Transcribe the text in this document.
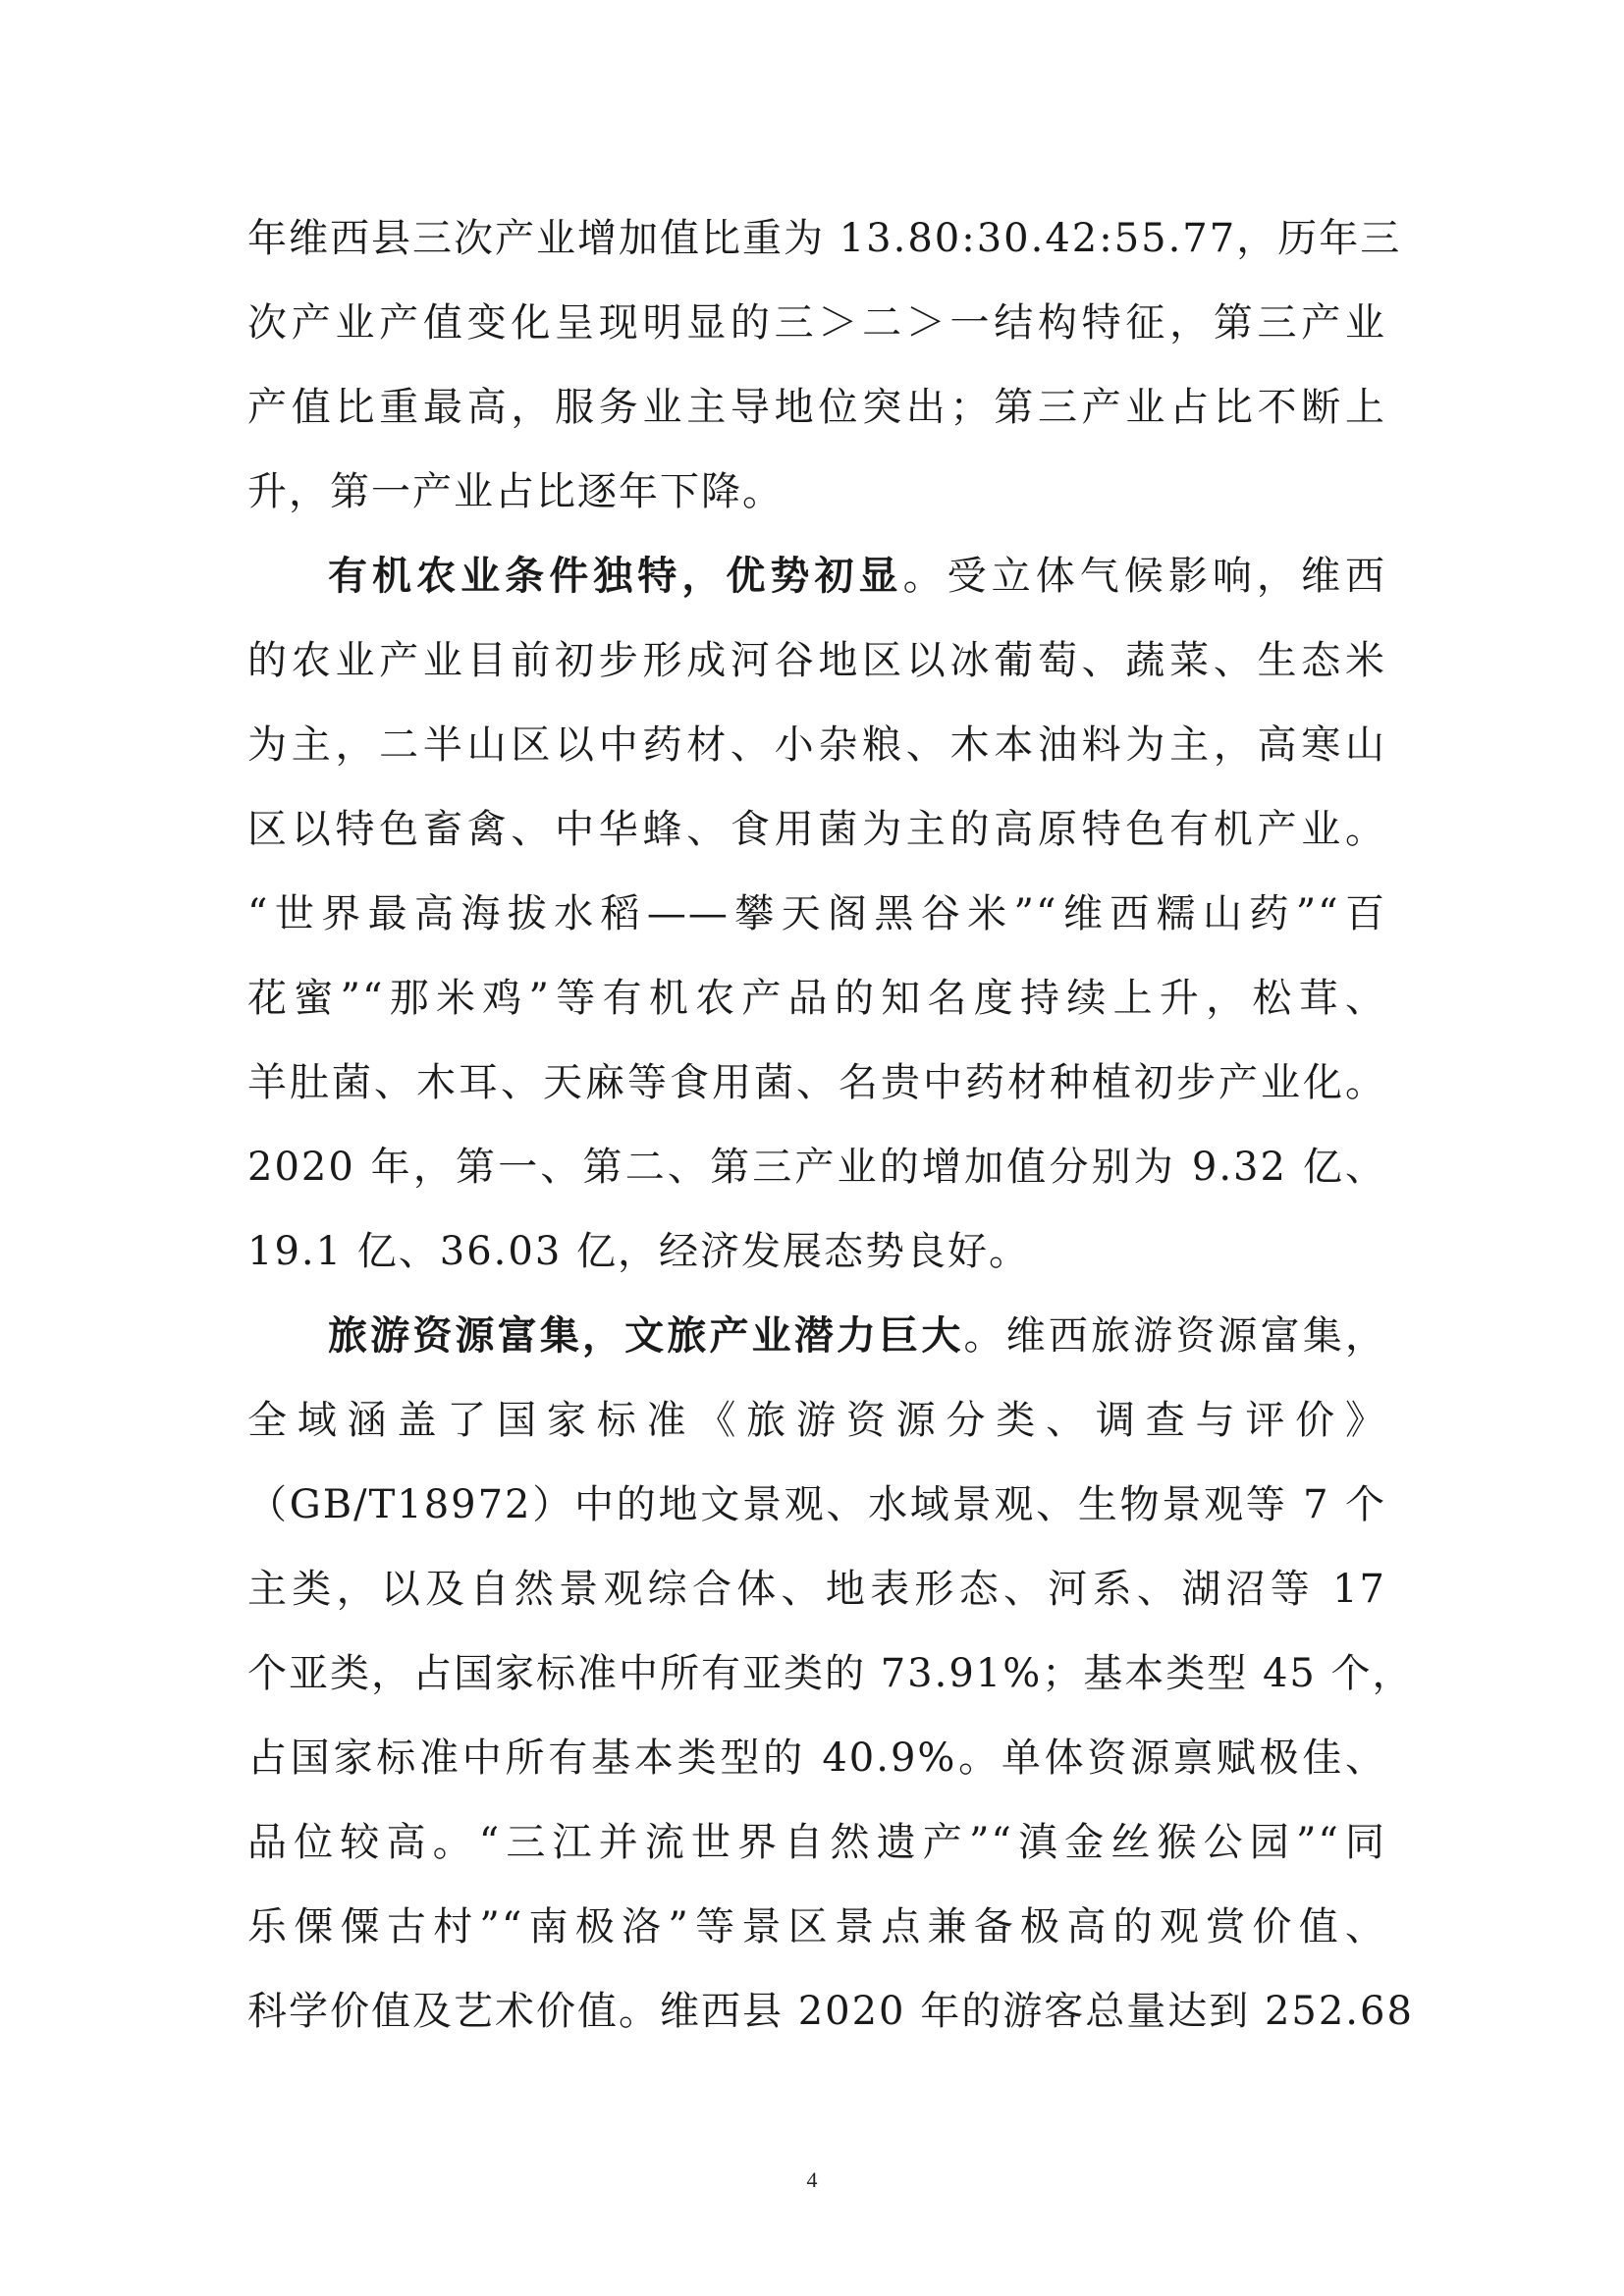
年维西县三次产业增加值比重为 13.80:30.42:55.77，历年三
次产业产值变化呈现明显的三＞二＞一结构特征，第三产业
产值比重最高，服务业主导地位突出；第三产业占比不断上
升，第一产业占比逐年下降。
有机农业条件独特，优势初显。受立体气候影响，维西
的农业产业目前初步形成河谷地区以冰葡萄、蔬菜、生态米
为主，二半山区以中药材、小杂粮、木本油料为主，高寒山
区以特色畜禽、中华蜂、食用菌为主的高原特色有机产业。
“世界最高海拔水稻——攀天阁黑谷米”“维西糯山药”“百
花蜜”“那米鸡”等有机农产品的知名度持续上升，松茸、
羊肚菌、木耳、天麻等食用菌、名贵中药材种植初步产业化。
2020 年，第一、第二、第三产业的增加值分别为 9.32 亿、
19.1 亿、36.03 亿，经济发展态势良好。
旅游资源富集，文旅产业潜力巨大。维西旅游资源富集，
全域涵盖了国家标准《旅游资源分类、调查与评价》
（GB/T18972）中的地文景观、水域景观、生物景观等 7 个
主类，以及自然景观综合体、地表形态、河系、湖沼等 17
个亚类，占国家标准中所有亚类的 73.91%；基本类型 45 个，
占国家标准中所有基本类型的 40.9%。单体资源禀赋极佳、
品位较高。“三江并流世界自然遗产”“滇金丝猴公园”“同
乐傈僳古村”“南极洛”等景区景点兼备极高的观赏价值、
科学价值及艺术价值。维西县 2020 年的游客总量达到 252.68
4
